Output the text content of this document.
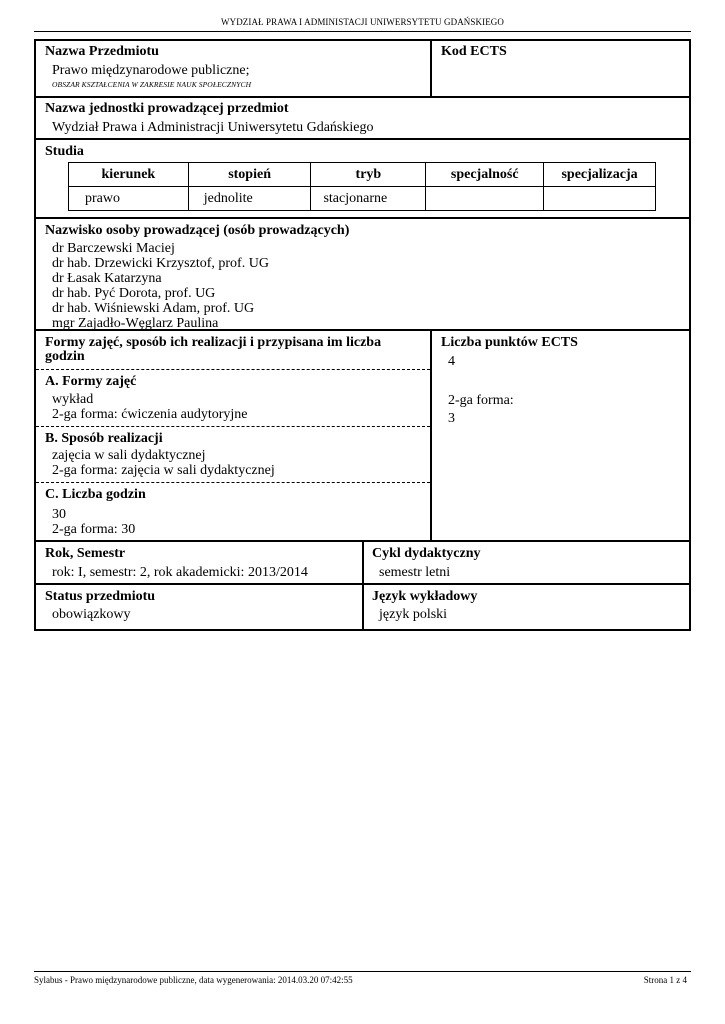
WYDZIAŁ PRAWA I ADMINISTACJI UNIWERSYTETU GDAŃSKIEGO
Nazwa Przedmiotu
Prawo międzynarodowe publiczne;
OBSZAR KSZTAŁCENIA W ZAKRESIE NAUK SPOŁECZNYCH
Kod ECTS
Nazwa jednostki prowadzącej przedmiot
Wydział Prawa i Administracji Uniwersytetu Gdańskiego
Studia
kierunek	stopień	tryb	specjalność	specjalizacja
prawo	jednolite	stacjonarne		
Nazwisko osoby prowadzącej (osób prowadzących)
dr Barczewski Maciej
dr hab. Drzewicki Krzysztof, prof. UG
dr Łasak Katarzyna
dr hab. Pyć Dorota, prof. UG
dr hab. Wiśniewski Adam, prof. UG
mgr Zajadło-Węglarz Paulina
Formy zajęć, sposób ich realizacji i przypisana im liczba
godzin
A. Formy zajęć
wykład
2-ga forma: ćwiczenia audytoryjne
B. Sposób realizacji
zajęcia w sali dydaktycznej
2-ga forma: zajęcia w sali dydaktycznej
C. Liczba godzin
30
2-ga forma: 30
Liczba punktów ECTS
4
2-ga forma:
3
Rok, Semestr
rok: I, semestr: 2, rok akademicki: 2013/2014
Cykl dydaktyczny
semestr letni
Status przedmiotu
obowiązkowy
Język wykładowy
język polski
Sylabus - Prawo międzynarodowe publiczne, data wygenerowania: 2014.03.20 07:42:55	Strona 1 z 4
